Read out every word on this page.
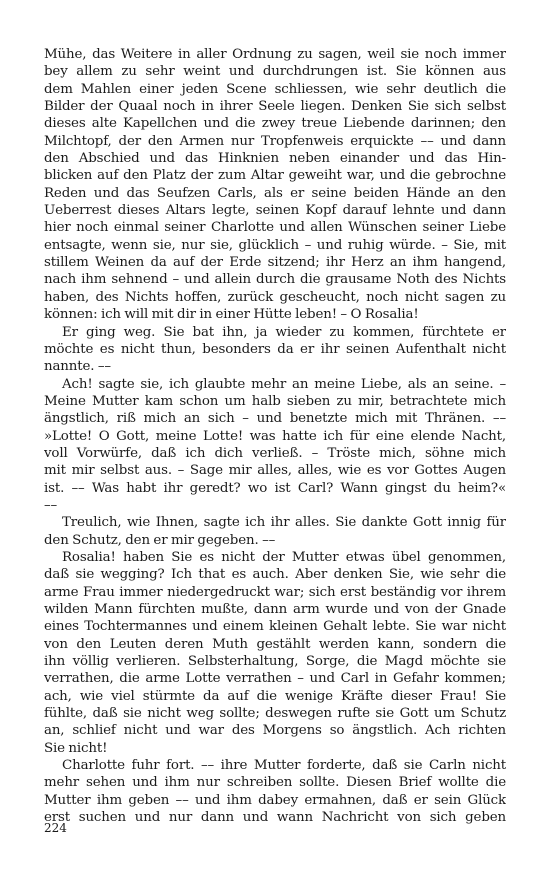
Mühe, das Weitere in aller Ordnung zu sagen, weil sie noch immer
bey allem zu sehr weint und durchdrungen ist. Sie können aus
dem Mahlen einer jeden Scene schliessen, wie sehr deutlich die
Bilder der Quaal noch in ihrer Seele liegen. Denken Sie sich selbst
dieses alte Kapellchen und die zwey treue Liebende darinnen; den
Milchtopf, der den Armen nur Tropfenweis erquickte –– und dann
den Abschied und das Hinknien neben einander und das Hin-
blicken auf den Platz der zum Altar geweiht war, und die gebrochne
Reden und das Seufzen Carls, als er seine beiden Hände an den
Ueberrest dieses Altars legte, seinen Kopf darauf lehnte und dann
hier noch einmal seiner Charlotte und allen Wünschen seiner Liebe
entsagte, wenn sie, nur sie, glücklich – und ruhig würde. – Sie, mit
stillem Weinen da auf der Erde sitzend; ihr Herz an ihm hangend,
nach ihm sehnend – und allein durch die grausame Noth des Nichts
haben, des Nichts hoffen, zurück gescheucht, noch nicht sagen zu
können: ich will mit dir in einer Hütte leben! – O Rosalia!
Er ging weg. Sie bat ihn, ja wieder zu kommen, fürchtete er
möchte es nicht thun, besonders da er ihr seinen Aufenthalt nicht
nannte. ––
Ach! sagte sie, ich glaubte mehr an meine Liebe, als an seine. –
Meine Mutter kam schon um halb sieben zu mir, betrachtete mich
ängstlich, riß mich an sich – und benetzte mich mit Thränen. ––
»Lotte! O Gott, meine Lotte! was hatte ich für eine elende Nacht,
voll Vorwürfe, daß ich dich verließ. – Tröste mich, söhne mich
mit mir selbst aus. – Sage mir alles, alles, wie es vor Gottes Augen
ist. –– Was habt ihr geredt? wo ist Carl? Wann gingst du heim?«
––
Treulich, wie Ihnen, sagte ich ihr alles. Sie dankte Gott innig für
den Schutz, den er mir gegeben. ––
Rosalia! haben Sie es nicht der Mutter etwas übel genommen,
daß sie wegging? Ich that es auch. Aber denken Sie, wie sehr die
arme Frau immer niedergedruckt war; sich erst beständig vor ihrem
wilden Mann fürchten mußte, dann arm wurde und von der Gnade
eines Tochtermannes und einem kleinen Gehalt lebte. Sie war nicht
von den Leuten deren Muth gestählt werden kann, sondern die
ihn völlig verlieren. Selbsterhaltung, Sorge, die Magd möchte sie
verrathen, die arme Lotte verrathen – und Carl in Gefahr kommen;
ach, wie viel stürmte da auf die wenige Kräfte dieser Frau! Sie
fühlte, daß sie nicht weg sollte; deswegen rufte sie Gott um Schutz
an, schlief nicht und war des Morgens so ängstlich. Ach richten
Sie nicht!
Charlotte fuhr fort. –– ihre Mutter forderte, daß sie Carln nicht
mehr sehen und ihm nur schreiben sollte. Diesen Brief wollte die
Mutter ihm geben –– und ihm dabey ermahnen, daß er sein Glück
erst suchen und nur dann und wann Nachricht von sich geben
224
